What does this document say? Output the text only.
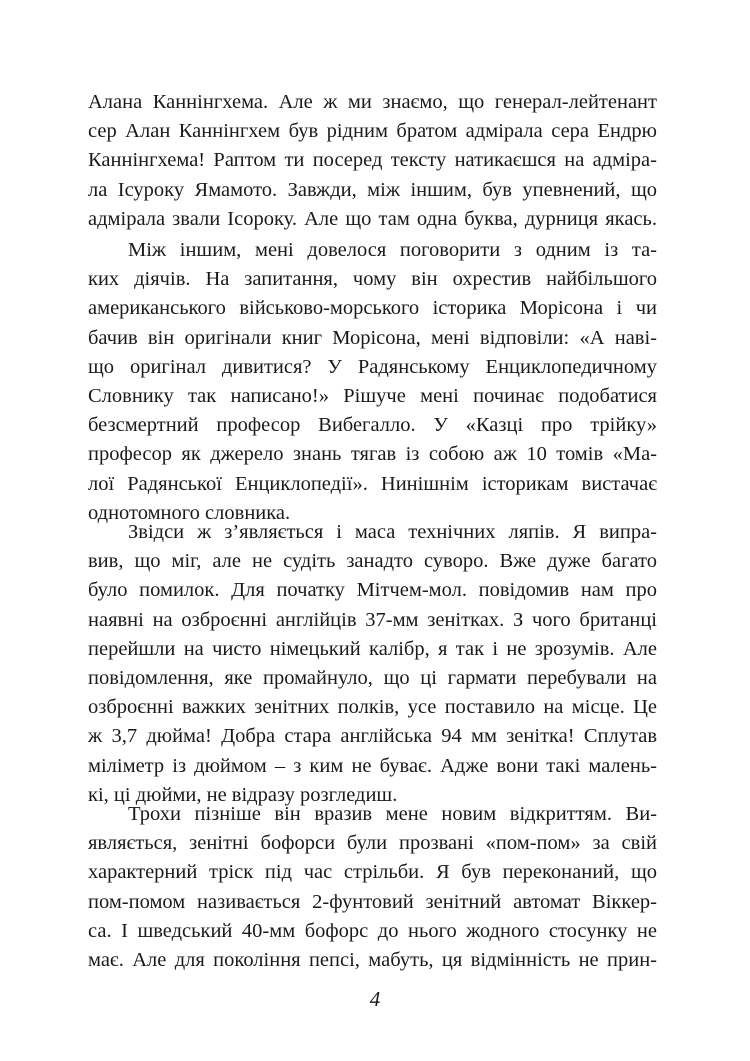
Алана Каннінгхема. Але ж ми знаємо, що генерал-лейтенант
сер Алан Каннінгхем був рідним братом адмірала сера Ендрю
Каннінгхема! Раптом ти посеред тексту натикаєшся на адміра-
ла Ісуроку Ямамото. Завжди, між іншим, був упевнений, що
адмірала звали Ісороку. Але що там одна буква, дурниця якась.
Між іншим, мені довелося поговорити з одним із та-
ких діячів. На запитання, чому він охрестив найбільшого
американського військово-морського історика Морісона і чи
бачив він оригінали книг Морісона, мені відповіли: «А наві-
що оригінал дивитися? У Радянському Енциклопедичному
Словнику так написано!» Рішуче мені починає подобатися
безсмертний професор Вибегалло. У «Казці про трійку»
професор як джерело знань тягав із собою аж 10 томів «Ма-
лої Радянської Енциклопедії». Нинішнім історикам вистачає
однотомного словника.
Звідси ж з’являється і маса технічних ляпів. Я випра-
вив, що міг, але не судіть занадто суворо. Вже дуже багато
було помилок. Для початку Мітчем-мол. повідомив нам про
наявні на озброєнні англійців 37-мм зенітках. З чого британці
перейшли на чисто німецький калібр, я так і не зрозумів. Але
повідомлення, яке промайнуло, що ці гармати перебували на
озброєнні важких зенітних полків, усе поставило на місце. Це
ж 3,7 дюйма! Добра стара англійська 94 мм зенітка! Сплутав
міліметр із дюймом – з ким не буває. Адже вони такі малень-
кі, ці дюйми, не відразу розгледиш.
Трохи пізніше він вразив мене новим відкриттям. Ви-
являється, зенітні бофорси були прозвані «пом-пом» за свій
характерний тріск під час стрільби. Я був переконаний, що
пом-помом називається 2-фунтовий зенітний автомат Віккер-
са. І шведський 40-мм бофорс до нього жодного стосунку не
має. Але для покоління пепсі, мабуть, ця відмінність не прин-
4
